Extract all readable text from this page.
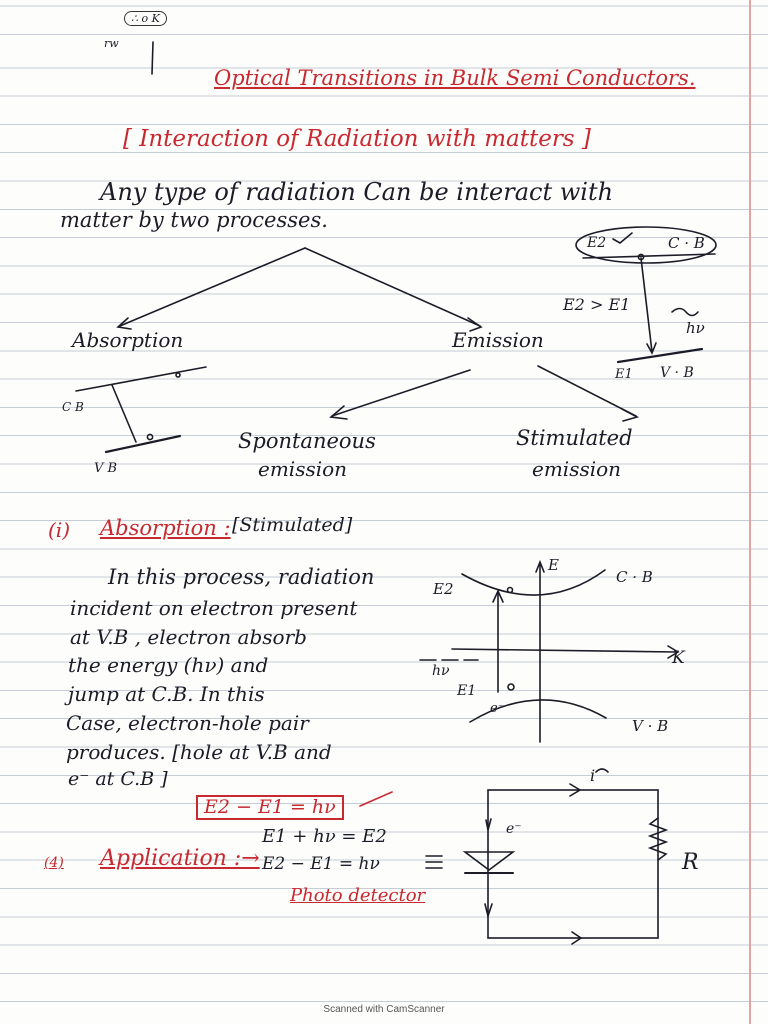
∴ o K
rw
Optical Transitions in Bulk Semi Conductors.
[ Interaction of Radiation with matters ]
Any type of radiation Can be interact with
matter by two processes.
Absorption	Emission
Spontaneous
emission
Stimulated
emission
E2	C · B
E2 > E1
hν
E1 V · B
C B
V B
(i) Absorption : [Stimulated]
In this process, radiation
incident on electron present
at V.B , electron absorb
the energy (hν) and
jump at C.B. In this
Case, electron-hole pair
produces. [hole at V.B and
e⁻ at C.B ]
E
C · B
E2
K
hν
E1
e⁻
V · B
E2 − E1 = hν
E1 + hν = E2
E2 − E1 = hν
(4) Application :→
Photo detector
i
e⁻
R
Scanned with CamScanner
